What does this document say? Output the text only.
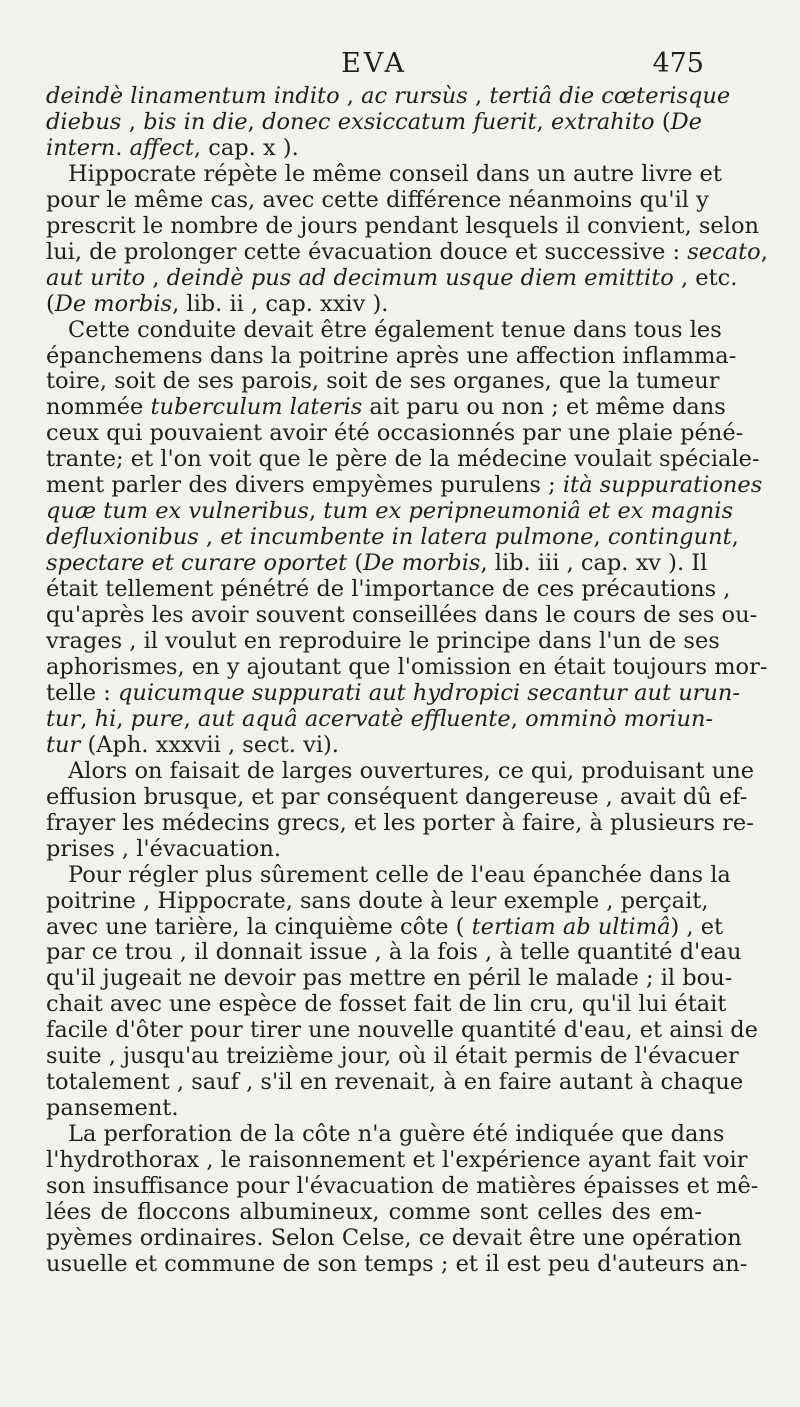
EVA	475
deindè linamentum indito , ac rursùs , tertiâ die cœterisque
diebus , bis in die, donec exsiccatum fuerit, extrahito (De
intern. affect, cap. x ).
Hippocrate répète le même conseil dans un autre livre et
pour le même cas, avec cette différence néanmoins qu'il y
prescrit le nombre de jours pendant lesquels il convient, selon
lui, de prolonger cette évacuation douce et successive : secato,
aut urito , deindè pus ad decimum usque diem emittito , etc.
(De morbis, lib. ii , cap. xxiv ).
Cette conduite devait être également tenue dans tous les
épanchemens dans la poitrine après une affection inflamma-
toire, soit de ses parois, soit de ses organes, que la tumeur
nommée tuberculum lateris ait paru ou non ; et même dans
ceux qui pouvaient avoir été occasionnés par une plaie péné-
trante; et l'on voit que le père de la médecine voulait spéciale-
ment parler des divers empyèmes purulens ; ità suppurationes
quæ tum ex vulneribus, tum ex peripneumoniâ et ex magnis
defluxionibus , et incumbente in latera pulmone, contingunt,
spectare et curare oportet (De morbis, lib. iii , cap. xv ). Il
était tellement pénétré de l'importance de ces précautions ,
qu'après les avoir souvent conseillées dans le cours de ses ou-
vrages , il voulut en reproduire le principe dans l'un de ses
aphorismes, en y ajoutant que l'omission en était toujours mor-
telle : quicumque suppurati aut hydropici secantur aut urun-
tur, hi, pure, aut aquâ acervatè effluente, omminò moriun-
tur (Aph. xxxvii , sect. vi).
Alors on faisait de larges ouvertures, ce qui, produisant une
effusion brusque, et par conséquent dangereuse , avait dû ef-
frayer les médecins grecs, et les porter à faire, à plusieurs re-
prises , l'évacuation.
Pour régler plus sûrement celle de l'eau épanchée dans la
poitrine , Hippocrate, sans doute à leur exemple , perçait,
avec une tarière, la cinquième côte ( tertiam ab ultimâ) , et
par ce trou , il donnait issue , à la fois , à telle quantité d'eau
qu'il jugeait ne devoir pas mettre en péril le malade ; il bou-
chait avec une espèce de fosset fait de lin cru, qu'il lui était
facile d'ôter pour tirer une nouvelle quantité d'eau, et ainsi de
suite , jusqu'au treizième jour, où il était permis de l'évacuer
totalement , sauf , s'il en revenait, à en faire autant à chaque
pansement.
La perforation de la côte n'a guère été indiquée que dans
l'hydrothorax , le raisonnement et l'expérience ayant fait voir
son insuffisance pour l'évacuation de matières épaisses et mê-
lées de floccons albumineux, comme sont celles des em-
pyèmes ordinaires. Selon Celse, ce devait être une opération
usuelle et commune de son temps ; et il est peu d'auteurs an-
